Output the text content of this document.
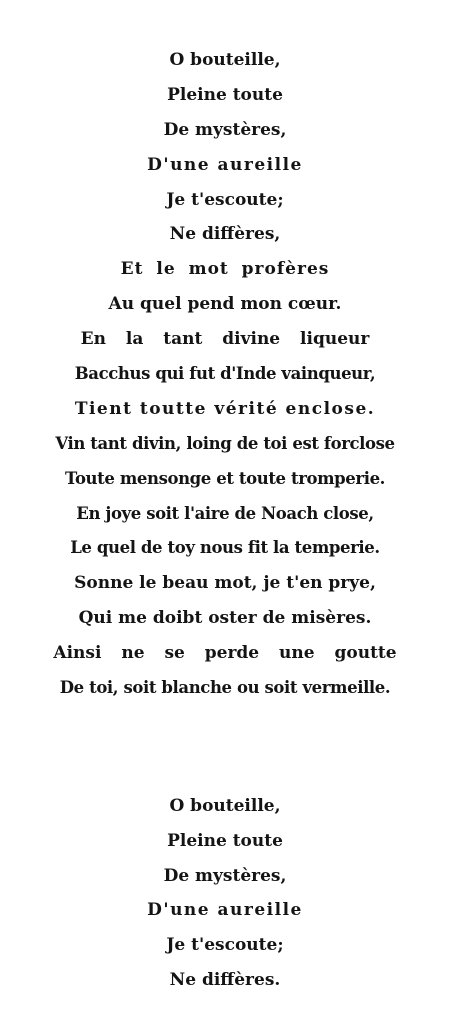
O bouteille,
Pleine toute
De mystères,
D'une aureille
Je t'escoute;
Ne diffères,
Et le mot profères
Au quel pend mon cœur.
En la tant divine liqueur
Bacchus qui fut d'Inde vainqueur,
Tient toutte vérité enclose.
Vin tant divin, loing de toi est forclose
Toute mensonge et toute tromperie.
En joye soit l'aire de Noach close,
Le quel de toy nous fit la temperie.
Sonne le beau mot, je t'en prye,
Qui me doibt oster de misères.
Ainsi ne se perde une goutte
De toi, soit blanche ou soit vermeille.
O bouteille,
Pleine toute
De mystères,
D'une aureille
Je t'escoute;
Ne diffères.
